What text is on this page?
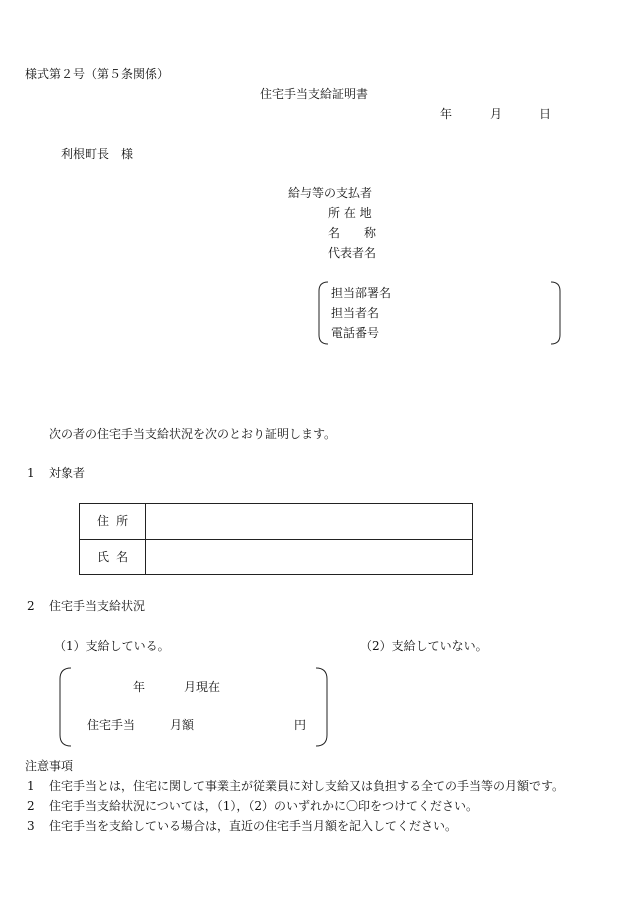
様式第２号（第５条関係）
住宅手当支給証明書
年	月	日
利根町長　様
給与等の支払者
所 在 地
名　　称
代表者名
担当部署名
担当者名
電話番号
次の者の住宅手当支給状況を次のとおり証明します。
1 対象者
住所	
氏名	
2 住宅手当支給状況
（1）支給している。	（2）支給していない。
年	月現在
住宅手当	月額	円
注意事項
1 住宅手当とは，住宅に関して事業主が従業員に対し支給又は負担する全ての手当等の月額です。
2 住宅手当支給状況については，（1），（2）のいずれかに〇印をつけてください。
3 住宅手当を支給している場合は，直近の住宅手当月額を記入してください。
